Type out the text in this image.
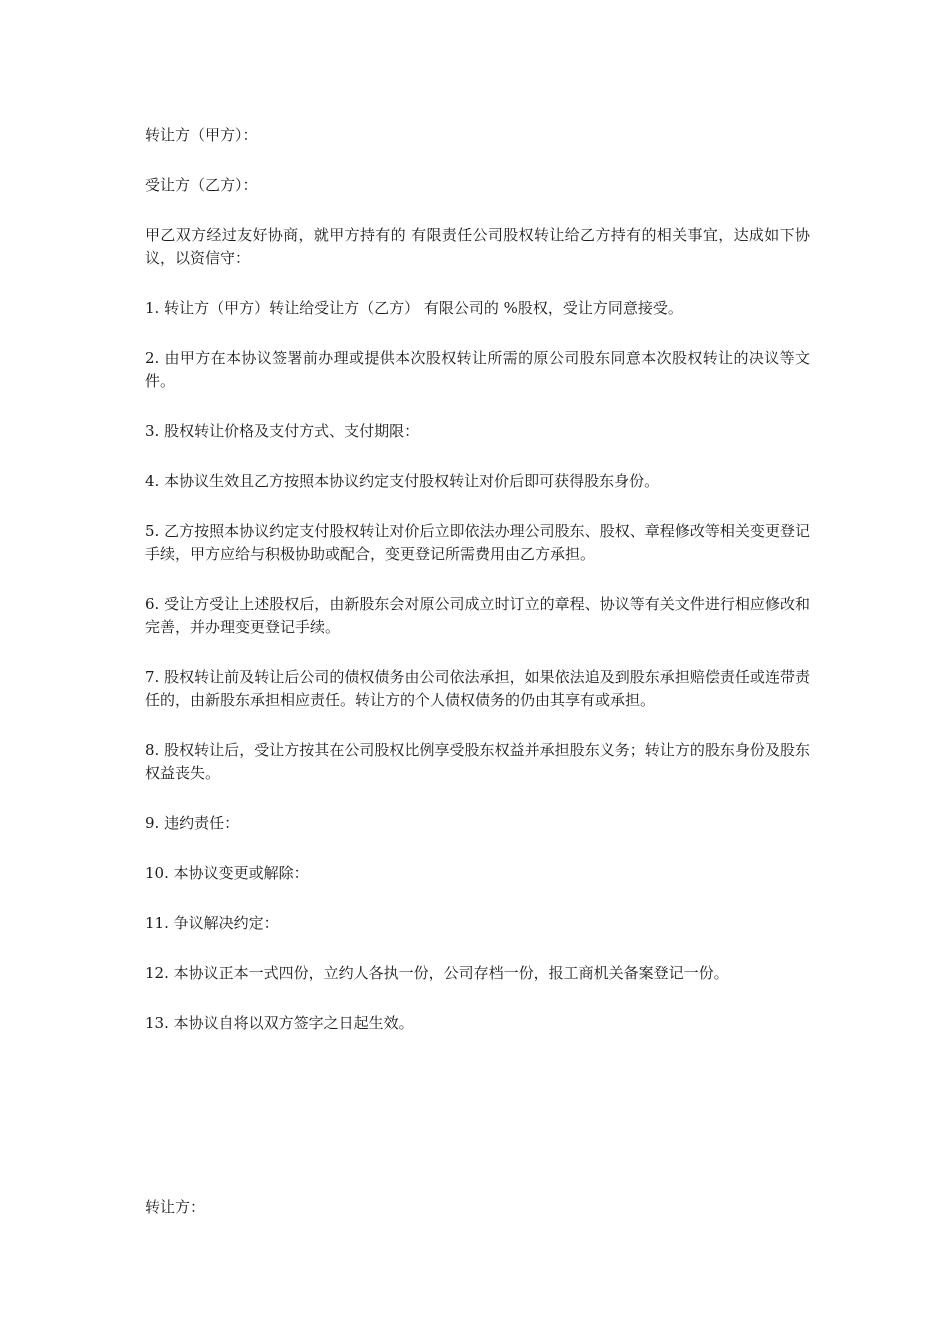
转让方（甲方）：

受让方（乙方）：

甲乙双方经过友好协商，就甲方持有的 有限责任公司股权转让给乙方持有的相关事宜，达成如下协议，以资信守：

1. 转让方（甲方）转让给受让方（乙方） 有限公司的 %股权，受让方同意接受。

2. 由甲方在本协议签署前办理或提供本次股权转让所需的原公司股东同意本次股权转让的决议等文件。

3. 股权转让价格及支付方式、支付期限：

4. 本协议生效且乙方按照本协议约定支付股权转让对价后即可获得股东身份。

5. 乙方按照本协议约定支付股权转让对价后立即依法办理公司股东、股权、章程修改等相关变更登记手续，甲方应给与积极协助或配合，变更登记所需费用由乙方承担。

6. 受让方受让上述股权后，由新股东会对原公司成立时订立的章程、协议等有关文件进行相应修改和完善，并办理变更登记手续。

7. 股权转让前及转让后公司的债权债务由公司依法承担，如果依法追及到股东承担赔偿责任或连带责任的，由新股东承担相应责任。转让方的个人债权债务的仍由其享有或承担。

8. 股权转让后，受让方按其在公司股权比例享受股东权益并承担股东义务；转让方的股东身份及股东权益丧失。

9. 违约责任：

10. 本协议变更或解除：

11. 争议解决约定：

12. 本协议正本一式四份，立约人各执一份，公司存档一份，报工商机关备案登记一份。

13. 本协议自将以双方签字之日起生效。

转让方：
